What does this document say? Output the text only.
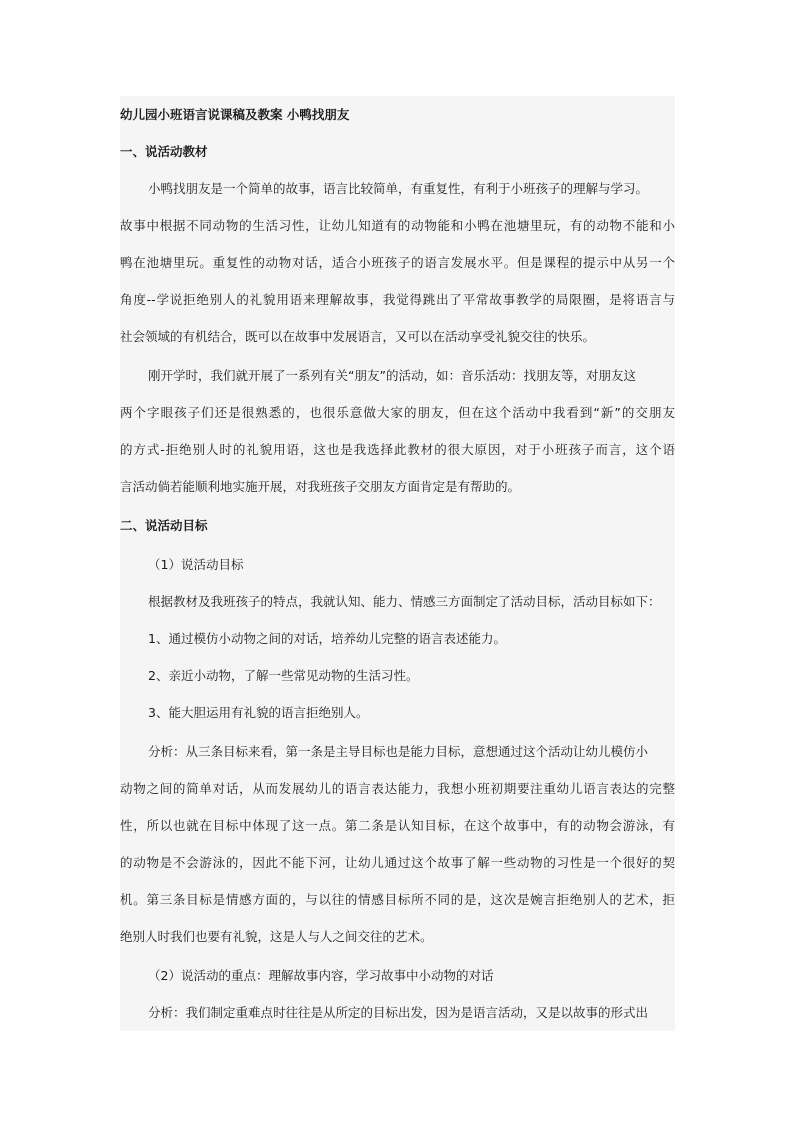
幼儿园小班语言说课稿及教案 小鸭找朋友
一、说活动教材
小鸭找朋友是一个简单的故事，语言比较简单，有重复性，有利于小班孩子的理解与学习。
故事中根据不同动物的生活习性，让幼儿知道有的动物能和小鸭在池塘里玩，有的动物不能和小
鸭在池塘里玩。重复性的动物对话，适合小班孩子的语言发展水平。但是课程的提示中从另一个
角度--学说拒绝别人的礼貌用语来理解故事，我觉得跳出了平常故事教学的局限圈，是将语言与
社会领域的有机结合，既可以在故事中发展语言，又可以在活动享受礼貌交往的快乐。
刚开学时，我们就开展了一系列有关“朋友”的活动，如：音乐活动：找朋友等，对朋友这
两个字眼孩子们还是很熟悉的，也很乐意做大家的朋友，但在这个活动中我看到“新”的交朋友
的方式-拒绝别人时的礼貌用语，这也是我选择此教材的很大原因，对于小班孩子而言，这个语
言活动倘若能顺利地实施开展，对我班孩子交朋友方面肯定是有帮助的。
二、说活动目标
（1）说活动目标
根据教材及我班孩子的特点，我就认知、能力、情感三方面制定了活动目标，活动目标如下：
1、通过模仿小动物之间的对话，培养幼儿完整的语言表述能力。
2、亲近小动物，了解一些常见动物的生活习性。
3、能大胆运用有礼貌的语言拒绝别人。
分析：从三条目标来看，第一条是主导目标也是能力目标，意想通过这个活动让幼儿模仿小
动物之间的简单对话，从而发展幼儿的语言表达能力，我想小班初期要注重幼儿语言表达的完整
性，所以也就在目标中体现了这一点。第二条是认知目标，在这个故事中，有的动物会游泳，有
的动物是不会游泳的，因此不能下河，让幼儿通过这个故事了解一些动物的习性是一个很好的契
机。第三条目标是情感方面的，与以往的情感目标所不同的是，这次是婉言拒绝别人的艺术，拒
绝别人时我们也要有礼貌，这是人与人之间交往的艺术。
（2）说活动的重点：理解故事内容，学习故事中小动物的对话
分析：我们制定重难点时往往是从所定的目标出发，因为是语言活动，又是以故事的形式出
